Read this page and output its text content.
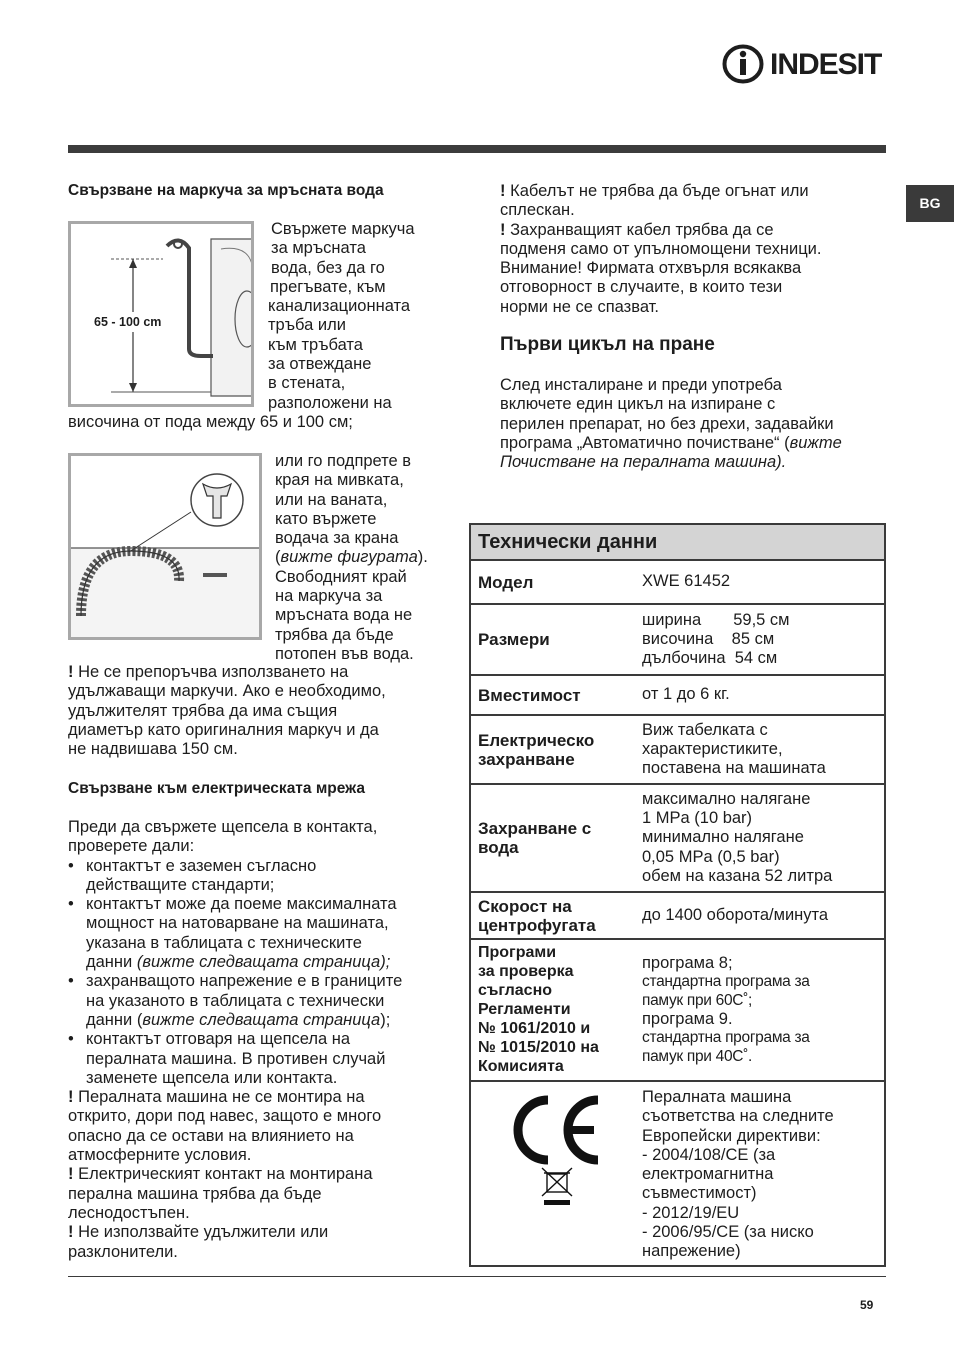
INDESIT
BG
Свързване на маркуча за мръсната вода
65 - 100 cm
Свържете маркуча
за мръсната
вода, без да го
прегъвате, към
канализационната
тръба или
към тръбата
за отвеждане
в стената,
разположени на
височина от пода между 65 и 100 см;
или го подпрете в
края на мивката,
или на ваната,
като вържете
водача за крана
(вижте фигурата).
Свободният край
на маркуча за
мръсната вода не
трябва да бъде
потопен във вода.
! Не се препоръчва използването на
удължаващи маркучи. Ако е необходимо,
удължителят трябва да има същия
диаметър като оригиналния маркуч и да
не надвишава 150 см.
Свързване към електрическата мрежа
Преди да свържете щепсела в контакта,
проверете дали:
• контактът е заземен съгласно
действащите стандарти;
• контактът може да поеме максималната
мощност на натоварване на машината,
указана в таблицата с техническите
данни (вижте следващата страница);
• захранващото напрежение е в границите
на указаното в таблицата с технически
данни (вижте следващата страница);
• контактът отговаря на щепсела на
пералната машина. В противен случай
заменете щепсела или контакта.
! Пералната машина не се монтира на
открито, дори под навес, защото е много
опасно да се остави на влиянието на
атмосферните условия.
! Електрическият контакт на монтирана
перална машина трябва да бъде
леснодостъпен.
! Не използвайте удължители или
разклонители.
! Кабелът не трябва да бъде огънат или
сплескан.
! Захранващият кабел трябва да се
подменя само от упълномощени техници.
Внимание! Фирмата отхвърля всякаква
отговорност в случаите, в които тези
норми не се спазват.
Първи цикъл на пране
След инсталиране и преди употреба
включете един цикъл на изпиране с
перилен препарат, но без дрехи, задавайки
програма „Автоматично почистване“ (вижте
Почистване на пералната машина).
Технически данни
Модел	XWE 61452
Размери
ширина       59,5 см
височина    85 см
дълбочина  54 см
Вместимост	от 1 до 6 кг.
Електрическо захранване
Виж табелката с
характеристиките,
поставена на машината
Захранване с вода
максимално налягане
1 MPa (10 bar)
минимално налягане
0,05 MPa (0,5 bar)
обем на казана 52 литра
Скорост на центрофугата
до 1400 оборота/минута
Програми
за проверка
съгласно
Регламенти
№ 1061/2010 и
№ 1015/2010 на
Комисията
програма 8;
стандартна програма за
памук при 60С˚;
програма 9.
стандартна програма за
памук при 40С˚.
Пералната машина
съответства на следните
Европейски директиви:
- 2004/108/CE (за
електромагнитна
съвместимост)
- 2012/19/EU
- 2006/95/CE (за ниско
напрежение)
59
